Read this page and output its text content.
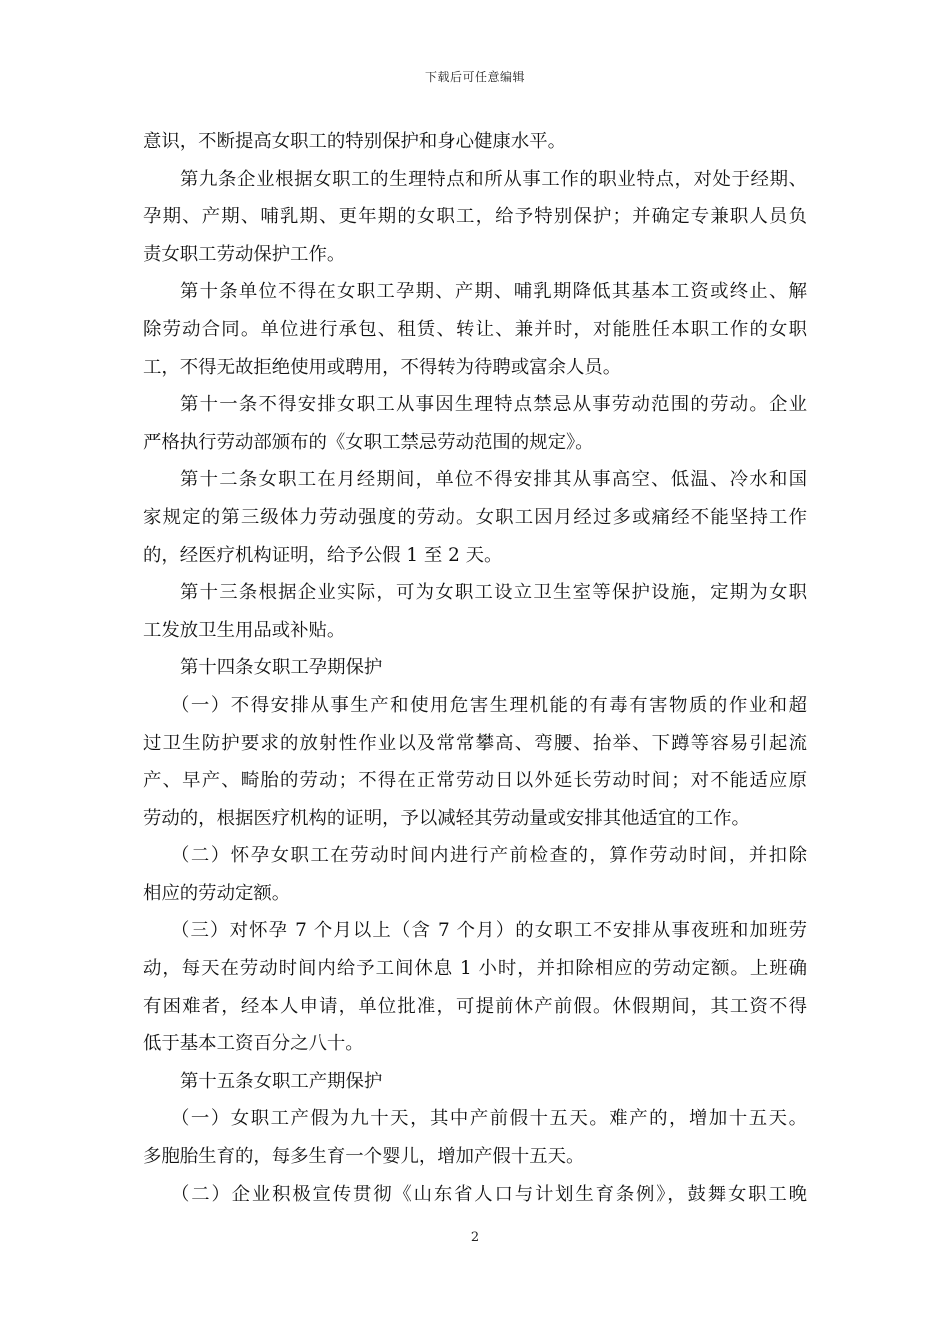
下载后可任意编辑
意识，不断提高女职工的特别保护和身心健康水平。
第九条企业根据女职工的生理特点和所从事工作的职业特点，对处于经期、
孕期、产期、哺乳期、更年期的女职工，给予特别保护；并确定专兼职人员负
责女职工劳动保护工作。
第十条单位不得在女职工孕期、产期、哺乳期降低其基本工资或终止、解
除劳动合同。单位进行承包、租赁、转让、兼并时，对能胜任本职工作的女职
工，不得无故拒绝使用或聘用，不得转为待聘或富余人员。
第十一条不得安排女职工从事因生理特点禁忌从事劳动范围的劳动。企业
严格执行劳动部颁布的《女职工禁忌劳动范围的规定》。
第十二条女职工在月经期间，单位不得安排其从事高空、低温、冷水和国
家规定的第三级体力劳动强度的劳动。女职工因月经过多或痛经不能坚持工作
的，经医疗机构证明，给予公假 1 至 2 天。
第十三条根据企业实际，可为女职工设立卫生室等保护设施，定期为女职
工发放卫生用品或补贴。
第十四条女职工孕期保护
（一）不得安排从事生产和使用危害生理机能的有毒有害物质的作业和超
过卫生防护要求的放射性作业以及常常攀高、弯腰、抬举、下蹲等容易引起流
产、早产、畸胎的劳动；不得在正常劳动日以外延长劳动时间；对不能适应原
劳动的，根据医疗机构的证明，予以减轻其劳动量或安排其他适宜的工作。
（二）怀孕女职工在劳动时间内进行产前检查的，算作劳动时间，并扣除
相应的劳动定额。
（三）对怀孕 7 个月以上（含 7 个月）的女职工不安排从事夜班和加班劳
动，每天在劳动时间内给予工间休息 1 小时，并扣除相应的劳动定额。上班确
有困难者，经本人申请，单位批准，可提前休产前假。休假期间，其工资不得
低于基本工资百分之八十。
第十五条女职工产期保护
（一）女职工产假为九十天，其中产前假十五天。难产的，增加十五天。
多胞胎生育的，每多生育一个婴儿，增加产假十五天。
（二）企业积极宣传贯彻《山东省人口与计划生育条例》，鼓舞女职工晚
2
